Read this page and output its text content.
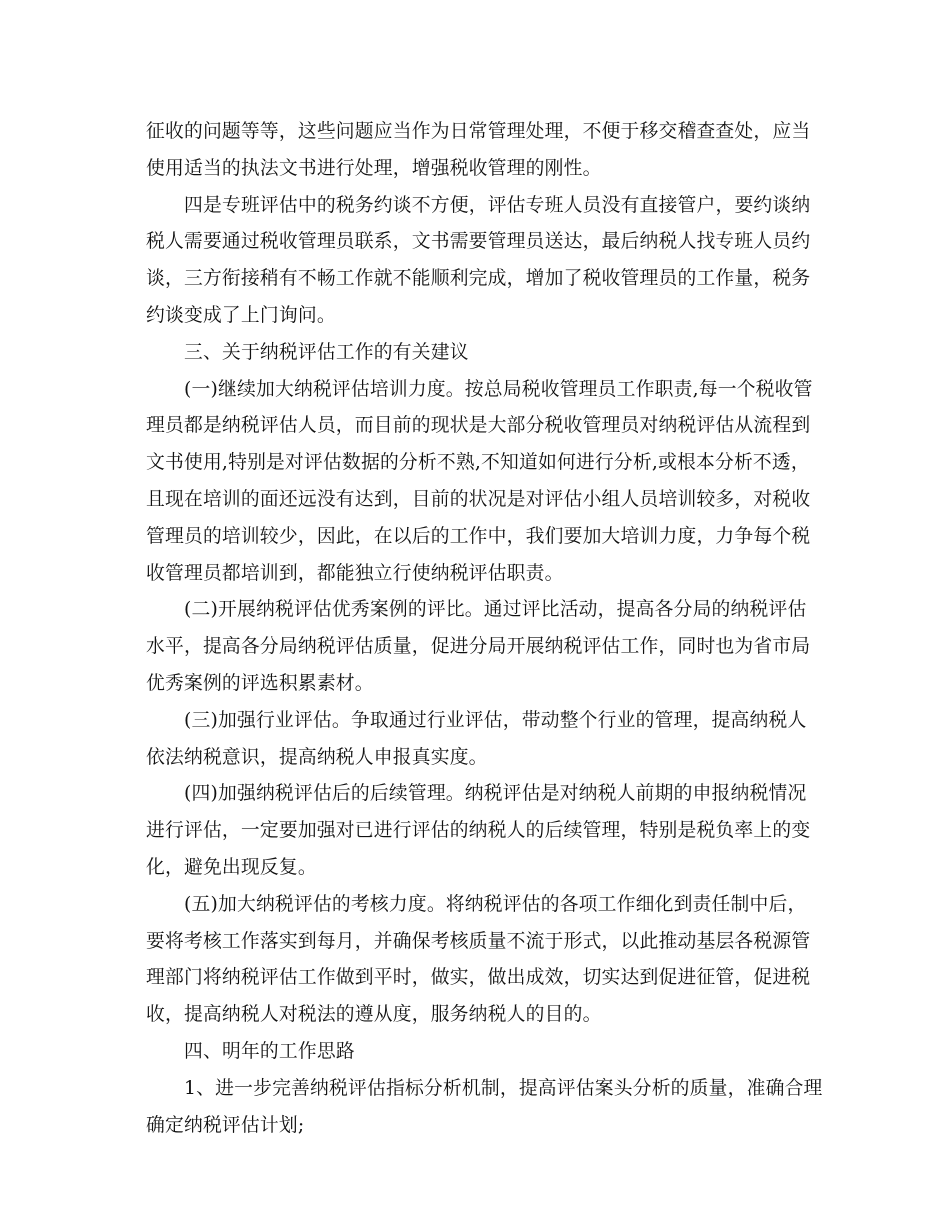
征收的问题等等，这些问题应当作为日常管理处理，不便于移交稽查查处，应当
使用适当的执法文书进行处理，增强税收管理的刚性。
四是专班评估中的税务约谈不方便，评估专班人员没有直接管户，要约谈纳
税人需要通过税收管理员联系，文书需要管理员送达，最后纳税人找专班人员约
谈，三方衔接稍有不畅工作就不能顺利完成，增加了税收管理员的工作量，税务
约谈变成了上门询问。
三、关于纳税评估工作的有关建议
(一)继续加大纳税评估培训力度。按总局税收管理员工作职责,每一个税收管
理员都是纳税评估人员，而目前的现状是大部分税收管理员对纳税评估从流程到
文书使用,特别是对评估数据的分析不熟,不知道如何进行分析,或根本分析不透，
且现在培训的面还远没有达到，目前的状况是对评估小组人员培训较多，对税收
管理员的培训较少，因此，在以后的工作中，我们要加大培训力度，力争每个税
收管理员都培训到，都能独立行使纳税评估职责。
(二)开展纳税评估优秀案例的评比。通过评比活动，提高各分局的纳税评估
水平，提高各分局纳税评估质量，促进分局开展纳税评估工作，同时也为省市局
优秀案例的评选积累素材。
(三)加强行业评估。争取通过行业评估，带动整个行业的管理，提高纳税人
依法纳税意识，提高纳税人申报真实度。
(四)加强纳税评估后的后续管理。纳税评估是对纳税人前期的申报纳税情况
进行评估，一定要加强对已进行评估的纳税人的后续管理，特别是税负率上的变
化，避免出现反复。
(五)加大纳税评估的考核力度。将纳税评估的各项工作细化到责任制中后，
要将考核工作落实到每月，并确保考核质量不流于形式，以此推动基层各税源管
理部门将纳税评估工作做到平时，做实，做出成效，切实达到促进征管，促进税
收，提高纳税人对税法的遵从度，服务纳税人的目的。
四、明年的工作思路
1、进一步完善纳税评估指标分析机制，提高评估案头分析的质量，准确合理
确定纳税评估计划;
